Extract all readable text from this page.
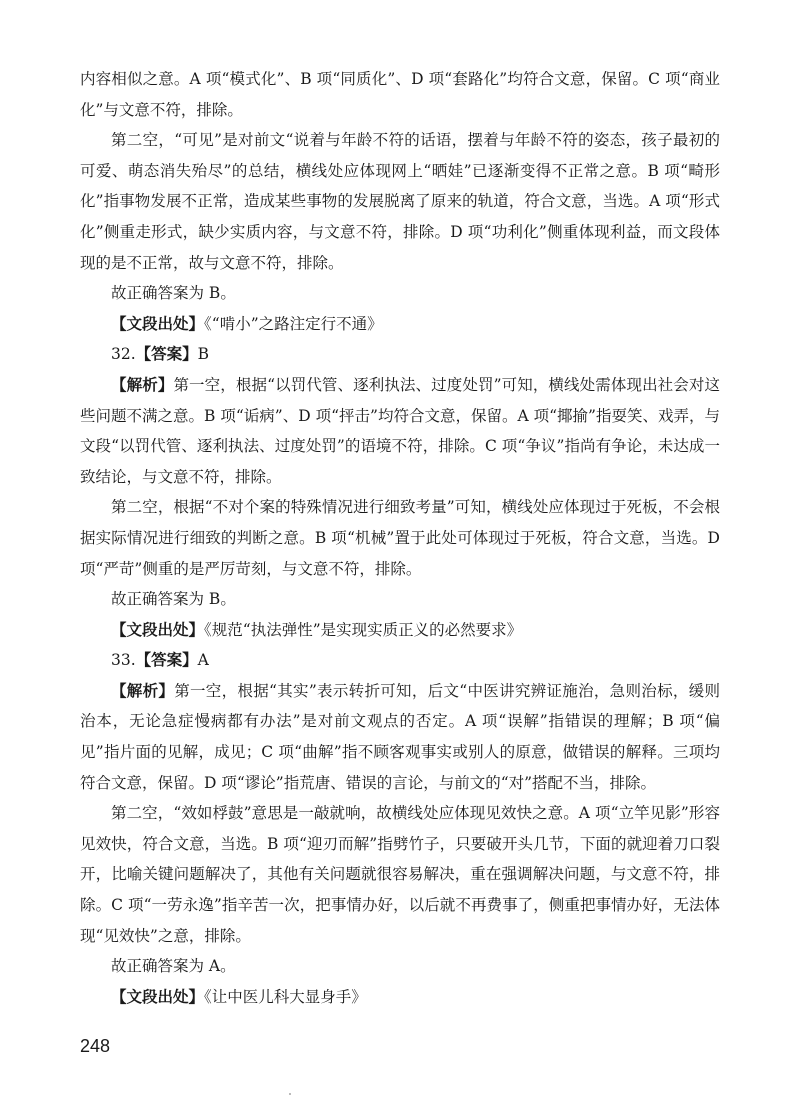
内容相似之意。A 项“模式化”、B 项“同质化”、D 项“套路化”均符合文意，保留。C 项“商业化”与文意不符，排除。

第二空，“可见”是对前文“说着与年龄不符的话语，摆着与年龄不符的姿态，孩子最初的可爱、萌态消失殆尽”的总结，横线处应体现网上“晒娃”已逐渐变得不正常之意。B 项“畸形化”指事物发展不正常，造成某些事物的发展脱离了原来的轨道，符合文意，当选。A 项“形式化”侧重走形式，缺少实质内容，与文意不符，排除。D 项“功利化”侧重体现利益，而文段体现的是不正常，故与文意不符，排除。

故正确答案为 B。

【文段出处】《“啃小”之路注定行不通》

32.【答案】B

【解析】第一空，根据“以罚代管、逐利执法、过度处罚”可知，横线处需体现出社会对这些问题不满之意。B 项“诟病”、D 项“抨击”均符合文意，保留。A 项“揶揄”指耍笑、戏弄，与文段“以罚代管、逐利执法、过度处罚”的语境不符，排除。C 项“争议”指尚有争论，未达成一致结论，与文意不符，排除。

第二空，根据“不对个案的特殊情况进行细致考量”可知，横线处应体现过于死板，不会根据实际情况进行细致的判断之意。B 项“机械”置于此处可体现过于死板，符合文意，当选。D 项“严苛”侧重的是严厉苛刻，与文意不符，排除。

故正确答案为 B。

【文段出处】《规范“执法弹性”是实现实质正义的必然要求》

33.【答案】A

【解析】第一空，根据“其实”表示转折可知，后文“中医讲究辨证施治，急则治标，缓则治本，无论急症慢病都有办法”是对前文观点的否定。A 项“误解”指错误的理解；B 项“偏见”指片面的见解，成见；C 项“曲解”指不顾客观事实或别人的原意，做错误的解释。三项均符合文意，保留。D 项“谬论”指荒唐、错误的言论，与前文的“对”搭配不当，排除。

第二空，“效如桴鼓”意思是一敲就响，故横线处应体现见效快之意。A 项“立竿见影”形容见效快，符合文意，当选。B 项“迎刃而解”指劈竹子，只要破开头几节，下面的就迎着刀口裂开，比喻关键问题解决了，其他有关问题就很容易解决，重在强调解决问题，与文意不符，排除。C 项“一劳永逸”指辛苦一次，把事情办好，以后就不再费事了，侧重把事情办好，无法体现“见效快”之意，排除。

故正确答案为 A。

【文段出处】《让中医儿科大显身手》

248
